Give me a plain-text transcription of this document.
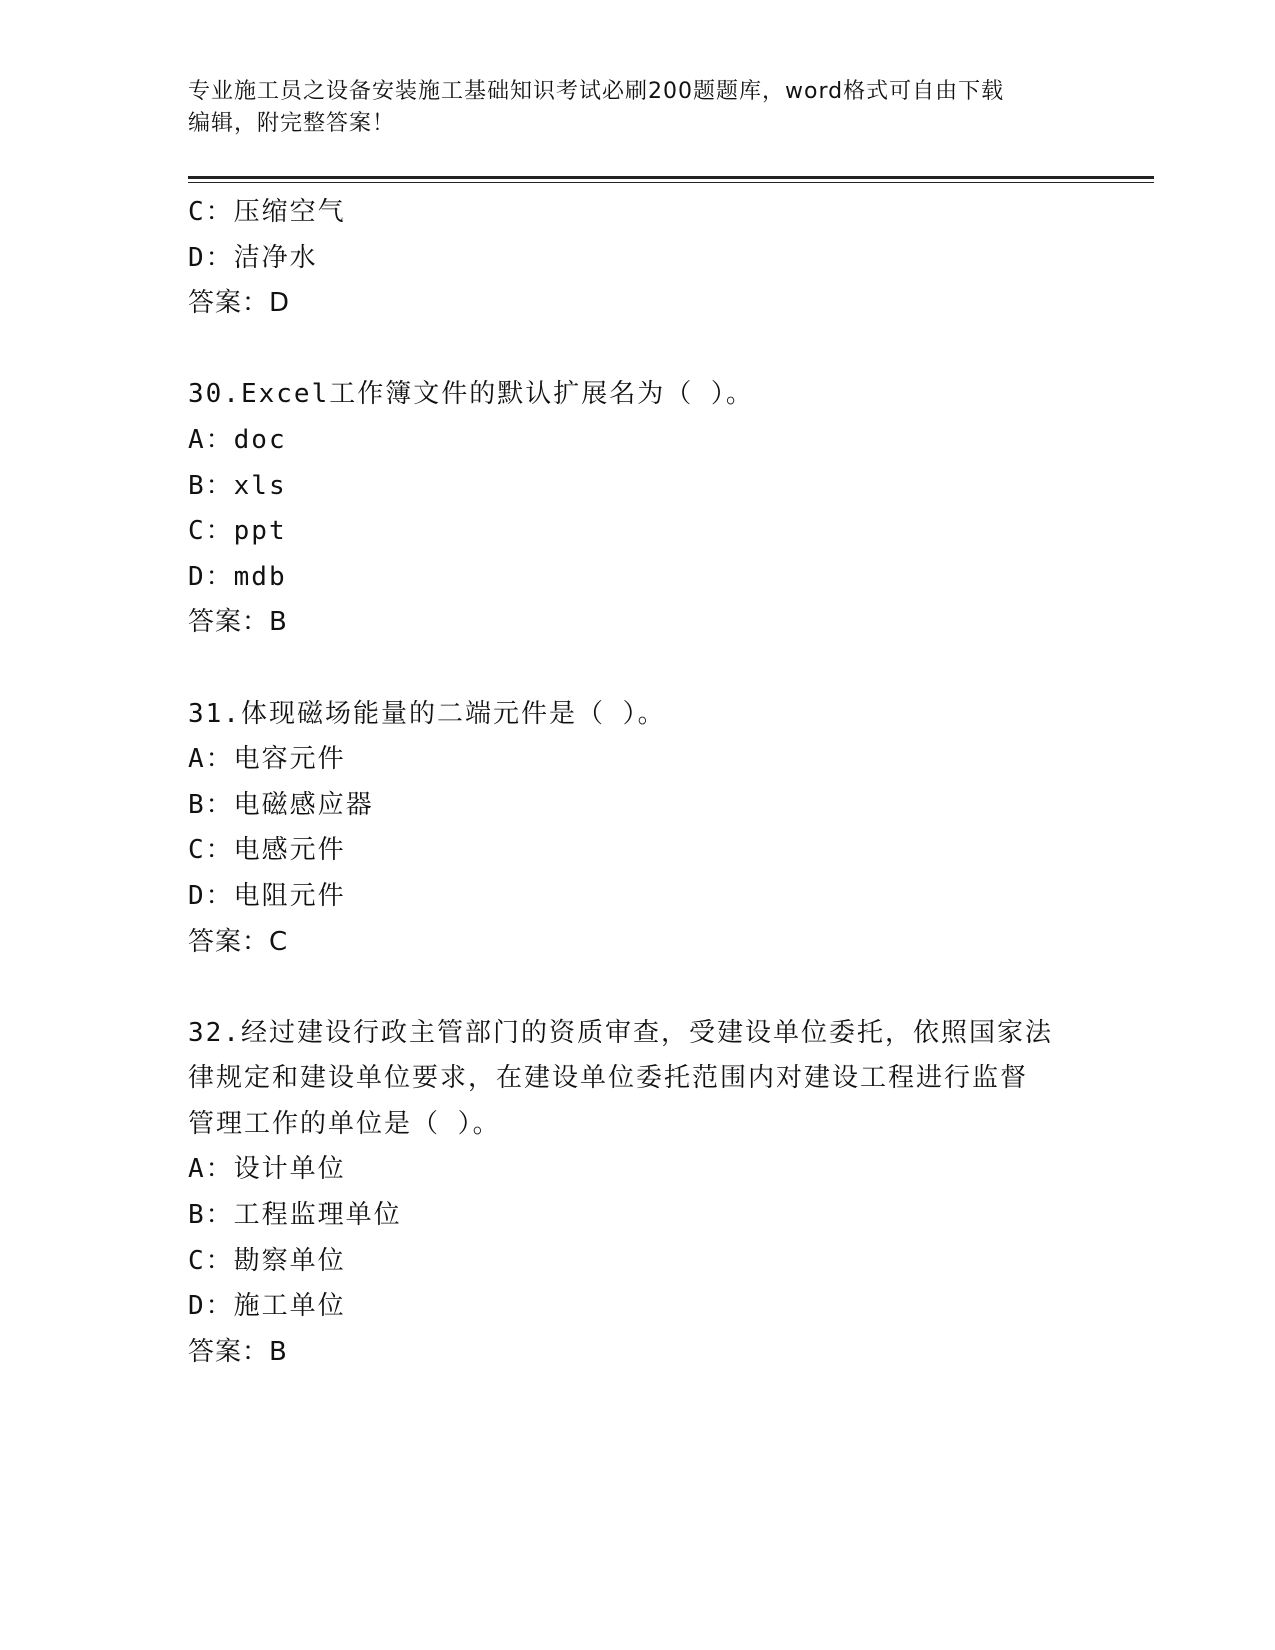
专业施工员之设备安装施工基础知识考试必刷200题题库，word格式可自由下载
编辑，附完整答案！
C：压缩空气
D：洁净水
答案：D
30.Excel工作簿文件的默认扩展名为（ ）。
A：doc
B：xls
C：ppt
D：mdb
答案：B
31.体现磁场能量的二端元件是（ ）。
A：电容元件
B：电磁感应器
C：电感元件
D：电阻元件
答案：C
32.经过建设行政主管部门的资质审查，受建设单位委托，依照国家法
律规定和建设单位要求，在建设单位委托范围内对建设工程进行监督
管理工作的单位是（ ）。
A：设计单位
B：工程监理单位
C：勘察单位
D：施工单位
答案：B
